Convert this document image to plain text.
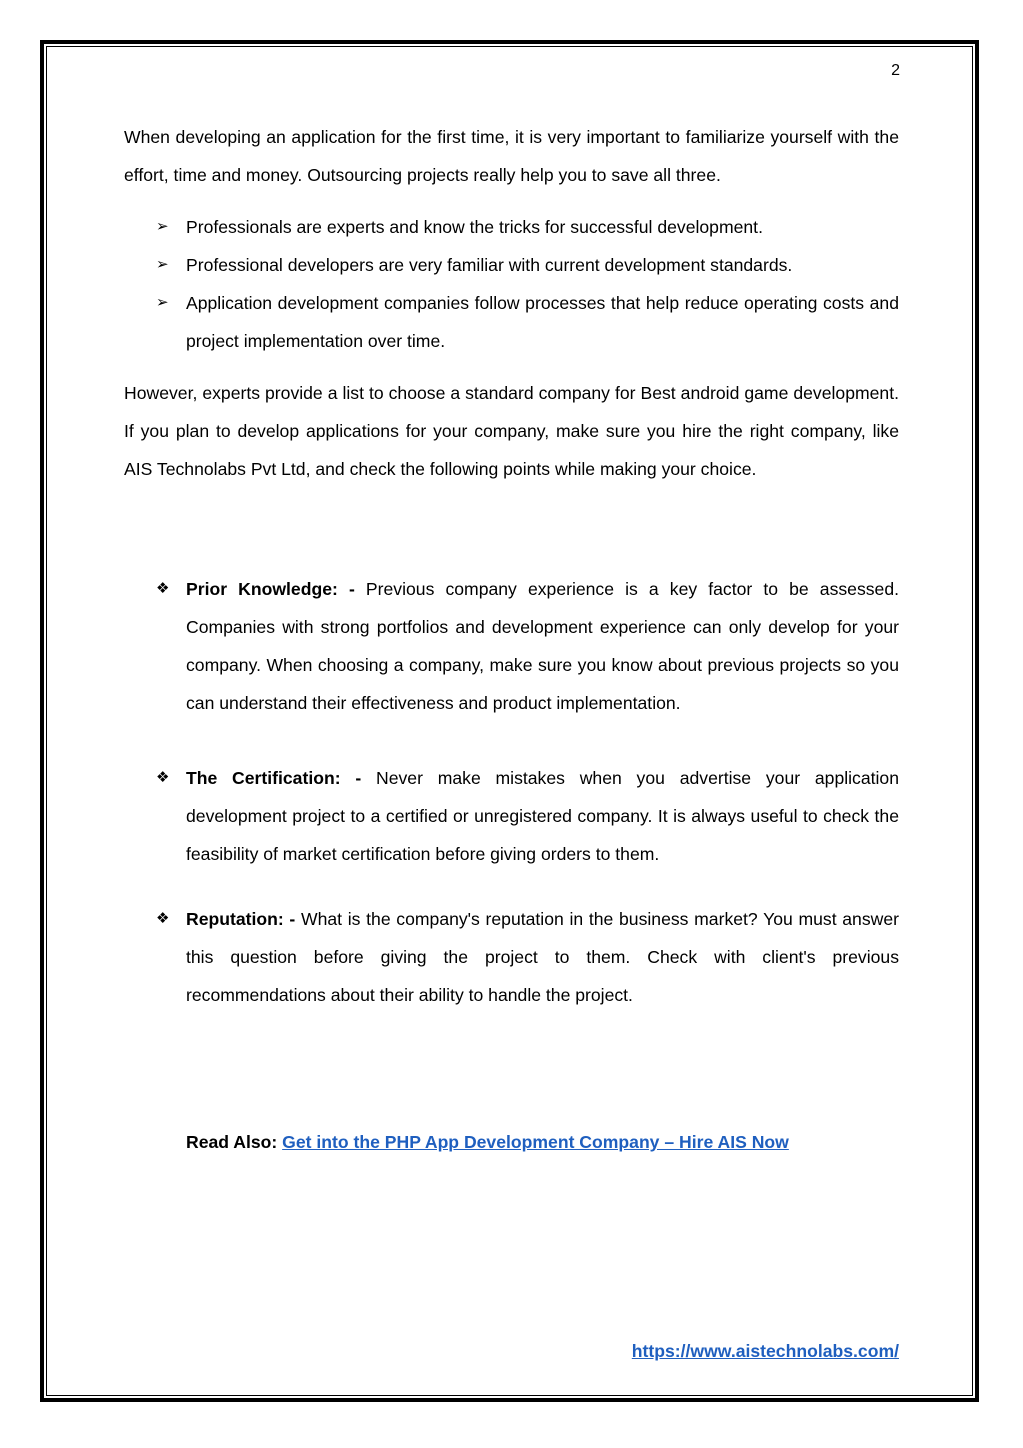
2

When developing an application for the first time, it is very important to familiarize yourself with the effort, time and money. Outsourcing projects really help you to save all three.

➢ Professionals are experts and know the tricks for successful development.
➢ Professional developers are very familiar with current development standards.
➢ Application development companies follow processes that help reduce operating costs and project implementation over time.

However, experts provide a list to choose a standard company for Best android game development. If you plan to develop applications for your company, make sure you hire the right company, like AIS Technolabs Pvt Ltd, and check the following points while making your choice.

❖ Prior Knowledge: - Previous company experience is a key factor to be assessed. Companies with strong portfolios and development experience can only develop for your company. When choosing a company, make sure you know about previous projects so you can understand their effectiveness and product implementation.
❖ The Certification: - Never make mistakes when you advertise your application development project to a certified or unregistered company. It is always useful to check the feasibility of market certification before giving orders to them.
❖ Reputation: - What is the company's reputation in the business market? You must answer this question before giving the project to them. Check with client's previous recommendations about their ability to handle the project.
Read Also: Get into the PHP App Development Company – Hire AIS Now
https://www.aistechnolabs.com/
